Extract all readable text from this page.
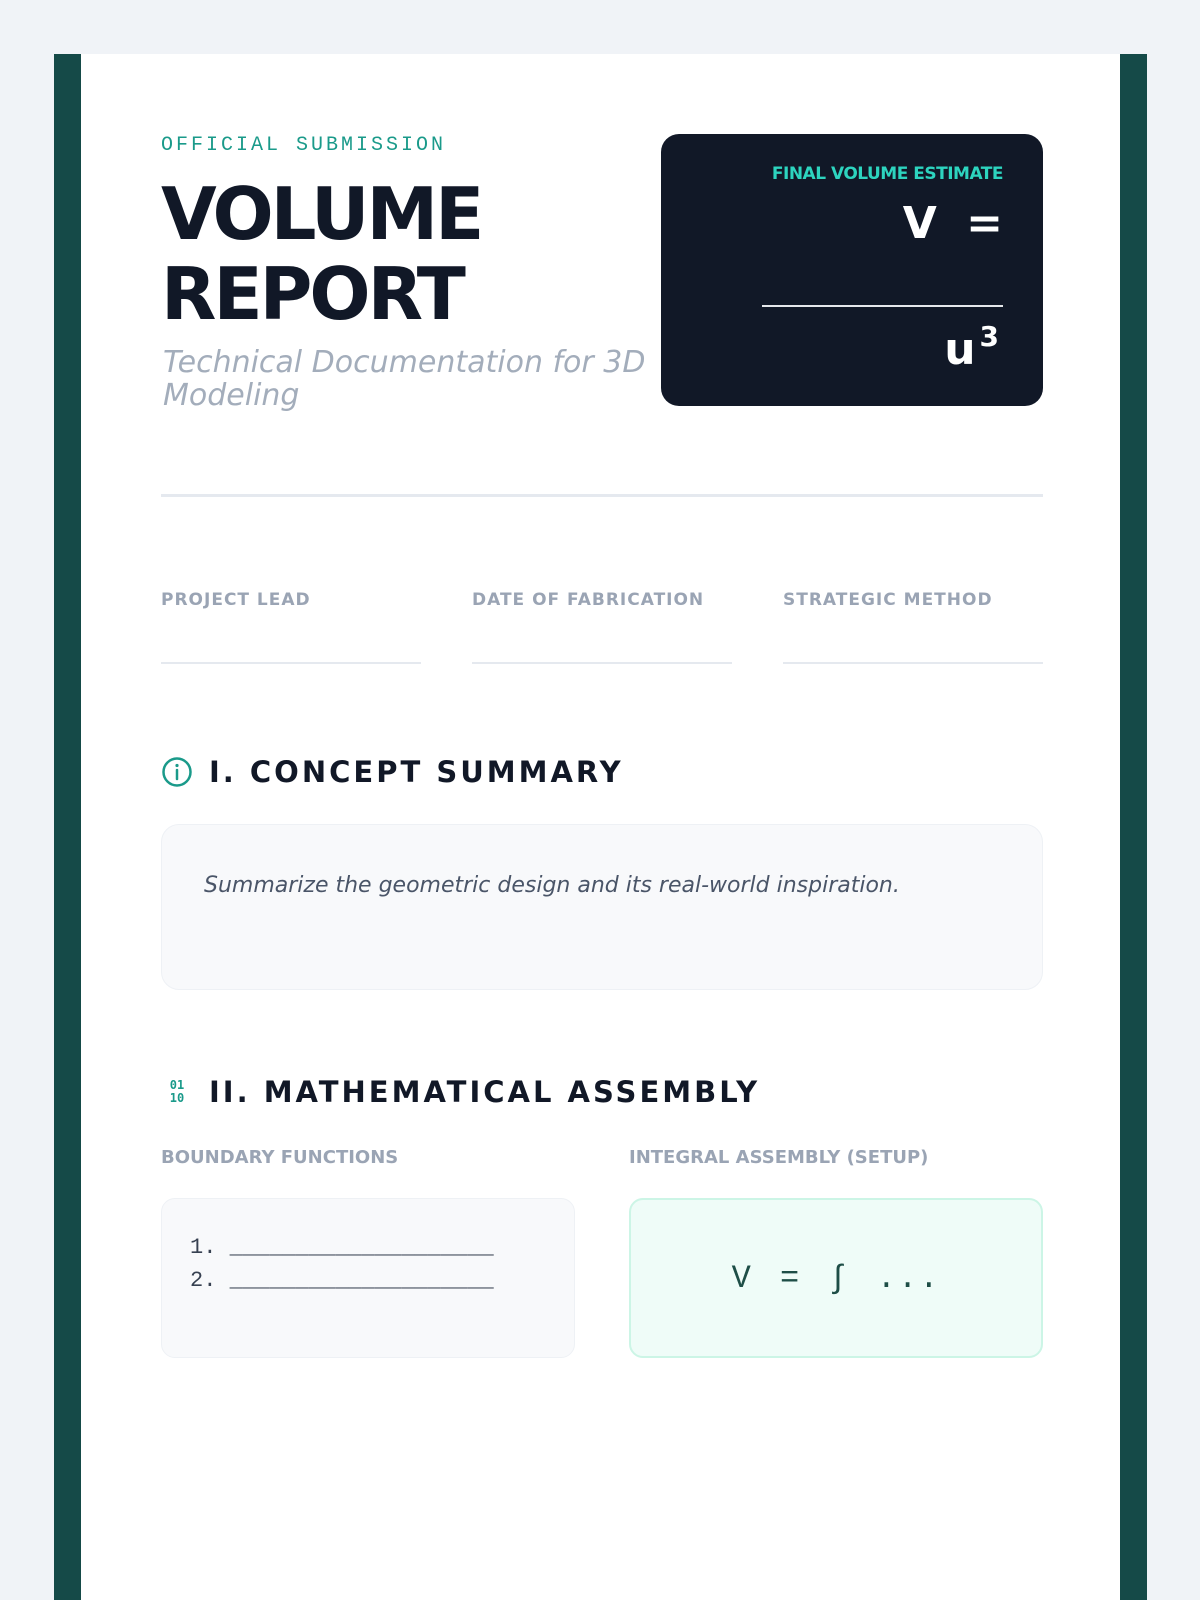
OFFICIAL SUBMISSION
VOLUME
REPORT
Technical Documentation for 3D
Modeling
FINAL VOLUME ESTIMATE
V =
u $^3$
PROJECT LEAD	DATE OF FABRICATION	STRATEGIC METHOD
I. CONCEPT SUMMARY
Summarize the geometric design and its real-world inspiration.
01
10 II. MATHEMATICAL ASSEMBLY
BOUNDARY FUNCTIONS	INTEGRAL ASSEMBLY (SETUP)
1. ____________________
2. ____________________	V = ∫ ...
